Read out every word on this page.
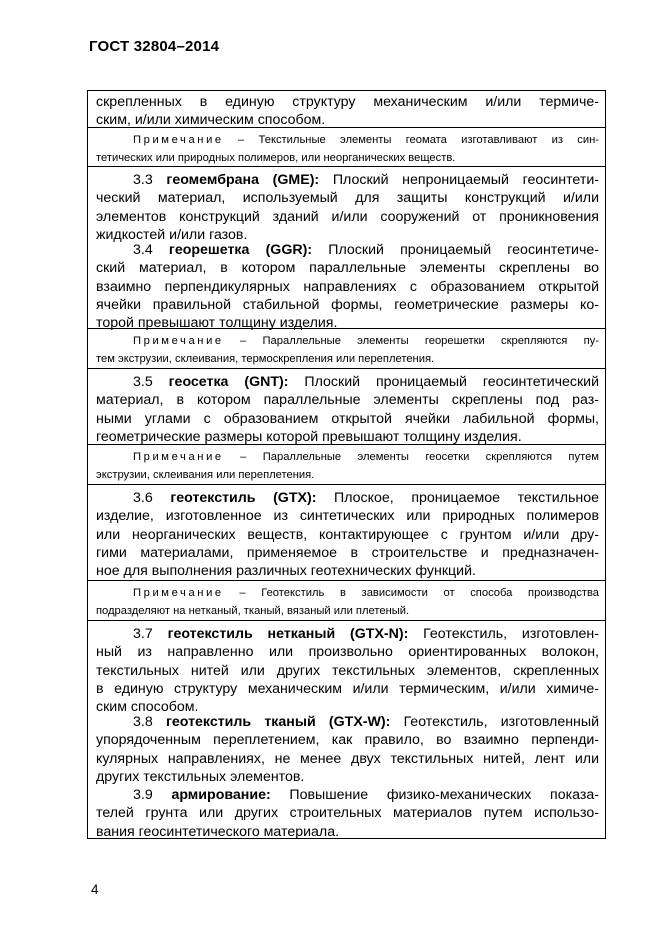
ГОСТ 32804–2014
скрепленных в единую структуру механическим и/или термиче-
ским, и/или химическим способом.
Примечание – Текстильные элементы геомата изготавливают из син-
тетических или природных полимеров, или неорганических веществ.
3.3 геомембрана (GME): Плоский непроницаемый геосинтети-
ческий материал, используемый для защиты конструкций и/или
элементов конструкций зданий и/или сооружений от проникновения
жидкостей и/или газов.
3.4 георешетка (GGR): Плоский проницаемый геосинтетиче-
ский материал, в котором параллельные элементы скреплены во
взаимно перпендикулярных направлениях с образованием открытой
ячейки правильной стабильной формы, геометрические размеры ко-
торой превышают толщину изделия.
Примечание – Параллельные элементы георешетки скрепляются пу-
тем экструзии, склеивания, термоскрепления или переплетения.
3.5 геосетка (GNT): Плоский проницаемый геосинтетический
материал, в котором параллельные элементы скреплены под раз-
ными углами с образованием открытой ячейки лабильной формы,
геометрические размеры которой превышают толщину изделия.
Примечание – Параллельные элементы геосетки скрепляются путем
экструзии, склеивания или переплетения.
3.6 геотекстиль (GTX): Плоское, проницаемое текстильное
изделие, изготовленное из синтетических или природных полимеров
или неорганических веществ, контактирующее с грунтом и/или дру-
гими материалами, применяемое в строительстве и предназначен-
ное для выполнения различных геотехнических функций.
Примечание – Геотекстиль в зависимости от способа производства
подразделяют на нетканый, тканый, вязаный или плетеный.
3.7 геотекстиль нетканый (GTX-N): Геотекстиль, изготовлен-
ный из направленно или произвольно ориентированных волокон,
текстильных нитей или других текстильных элементов, скрепленных
в единую структуру механическим и/или термическим, и/или химиче-
ским способом.
3.8 геотекстиль тканый (GTX-W): Геотекстиль, изготовленный
упорядоченным переплетением, как правило, во взаимно перпенди-
кулярных направлениях, не менее двух текстильных нитей, лент или
других текстильных элементов.
3.9 армирование: Повышение физико-механических показа-
телей грунта или других строительных материалов путем использо-
вания геосинтетического материала.
4
